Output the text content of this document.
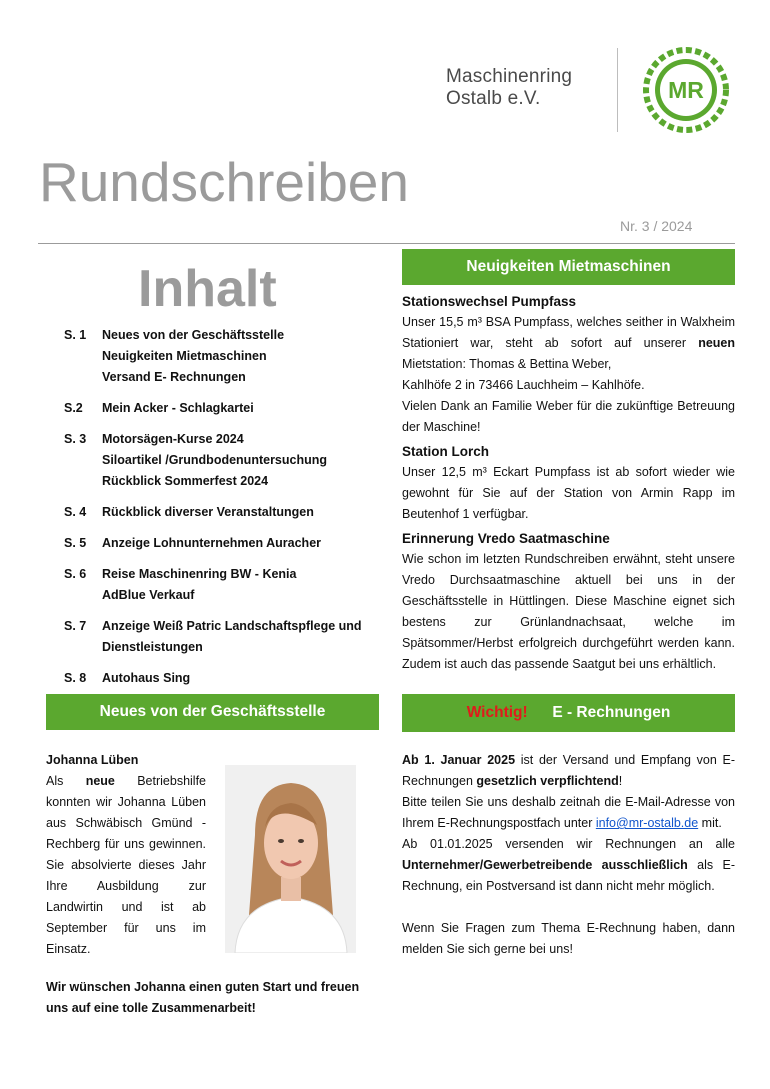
Maschinenring
Ostalb e.V.	MR
Rundschreiben
Nr. 3 / 2024
Inhalt
S. 1	Neues von der Geschäftsstelle
Neuigkeiten Mietmaschinen
Versand E- Rechnungen
S.2	Mein Acker - Schlagkartei
S. 3	Motorsägen-Kurse 2024
Siloartikel /Grundbodenuntersuchung
Rückblick Sommerfest 2024
S. 4	Rückblick diverser Veranstaltungen
S. 5	Anzeige Lohnunternehmen Auracher
S. 6	Reise Maschinenring BW - Kenia
AdBlue Verkauf
S. 7	Anzeige Weiß Patric Landschaftspflege und
Dienstleistungen
S. 8	Autohaus Sing
Neuigkeiten Mietmaschinen
Stationswechsel Pumpfass

Unser 15,5 m³ BSA Pumpfass, welches seither in Walxheim Stationiert war, steht ab sofort auf unserer neuen Mietstation: Thomas & Bettina Weber,

Kahlhöfe 2 in 73466 Lauchheim – Kahlhöfe.

Vielen Dank an Familie Weber für die zukünftige Betreuung der Maschine!

Station Lorch

Unser 12,5 m³ Eckart Pumpfass ist ab sofort wieder wie gewohnt für Sie auf der Station von Armin Rapp im Beutenhof 1 verfügbar.

Erinnerung Vredo Saatmaschine

Wie schon im letzten Rundschreiben erwähnt, steht unsere Vredo Durchsaatmaschine aktuell bei uns in der Geschäftsstelle in Hüttlingen. Diese Maschine eignet sich bestens zur Grünlandnachsaat, welche im Spätsommer/Herbst erfolgreich durchgeführt werden kann. Zudem ist auch das passende Saatgut bei uns erhältlich.

Neues von der Geschäftsstelle
Johanna Lüben

Als neue Betriebshilfe konnten wir Johanna Lüben aus Schwäbisch Gmünd - Rechberg für uns gewinnen. Sie absolvierte dieses Jahr Ihre Ausbildung zur Landwirtin und ist ab September für uns im Einsatz.

Wir wünschen Johanna einen guten Start und freuen uns auf eine tolle Zusammenarbeit!
Wichtig! E - Rechnungen

Ab 1. Januar 2025 ist der Versand und Empfang von E-Rechnungen gesetzlich verpflichtend!

Bitte teilen Sie uns deshalb zeitnah die E-Mail-Adresse von Ihrem E-Rechnungspostfach unter info@mr-ostalb.de mit.

Ab 01.01.2025 versenden wir Rechnungen an alle Unternehmer/Gewerbetreibende ausschließlich als E-Rechnung, ein Postversand ist dann nicht mehr möglich.

Wenn Sie Fragen zum Thema E-Rechnung haben, dann melden Sie sich gerne bei uns!
